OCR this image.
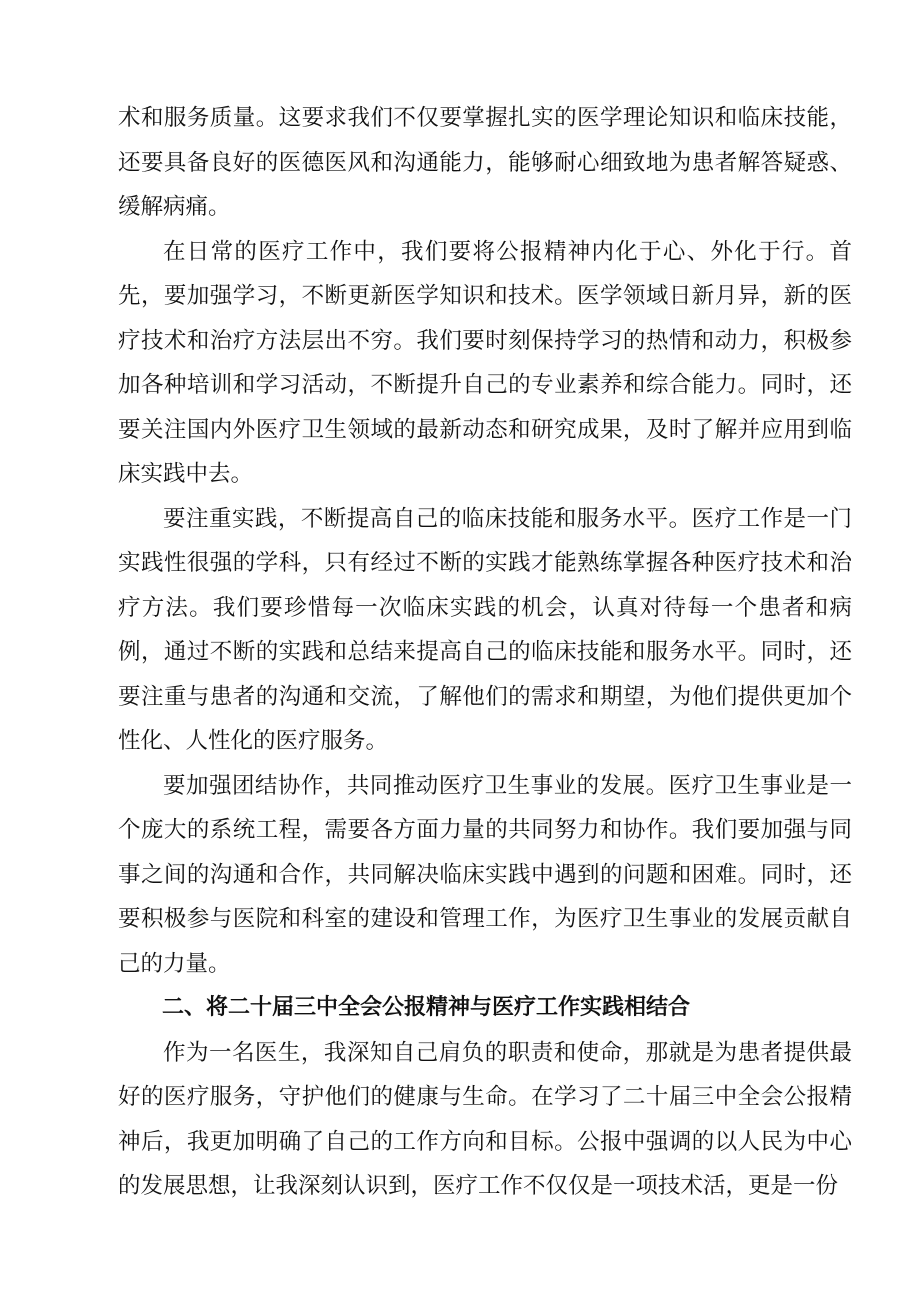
术和服务质量。这要求我们不仅要掌握扎实的医学理论知识和临床技能，还要具备良好的医德医风和沟通能力，能够耐心细致地为患者解答疑惑、缓解病痛。

在日常的医疗工作中，我们要将公报精神内化于心、外化于行。首先，要加强学习，不断更新医学知识和技术。医学领域日新月异，新的医疗技术和治疗方法层出不穷。我们要时刻保持学习的热情和动力，积极参加各种培训和学习活动，不断提升自己的专业素养和综合能力。同时，还要关注国内外医疗卫生领域的最新动态和研究成果，及时了解并应用到临床实践中去。

要注重实践，不断提高自己的临床技能和服务水平。医疗工作是一门实践性很强的学科，只有经过不断的实践才能熟练掌握各种医疗技术和治疗方法。我们要珍惜每一次临床实践的机会，认真对待每一个患者和病例，通过不断的实践和总结来提高自己的临床技能和服务水平。同时，还要注重与患者的沟通和交流，了解他们的需求和期望，为他们提供更加个性化、人性化的医疗服务。

要加强团结协作，共同推动医疗卫生事业的发展。医疗卫生事业是一个庞大的系统工程，需要各方面力量的共同努力和协作。我们要加强与同事之间的沟通和合作，共同解决临床实践中遇到的问题和困难。同时，还要积极参与医院和科室的建设和管理工作，为医疗卫生事业的发展贡献自己的力量。

二、将二十届三中全会公报精神与医疗工作实践相结合

作为一名医生，我深知自己肩负的职责和使命，那就是为患者提供最好的医疗服务，守护他们的健康与生命。在学习了二十届三中全会公报精神后，我更加明确了自己的工作方向和目标。公报中强调的以人民为中心的发展思想，让我深刻认识到，医疗工作不仅仅是一项技术活，更是一份
